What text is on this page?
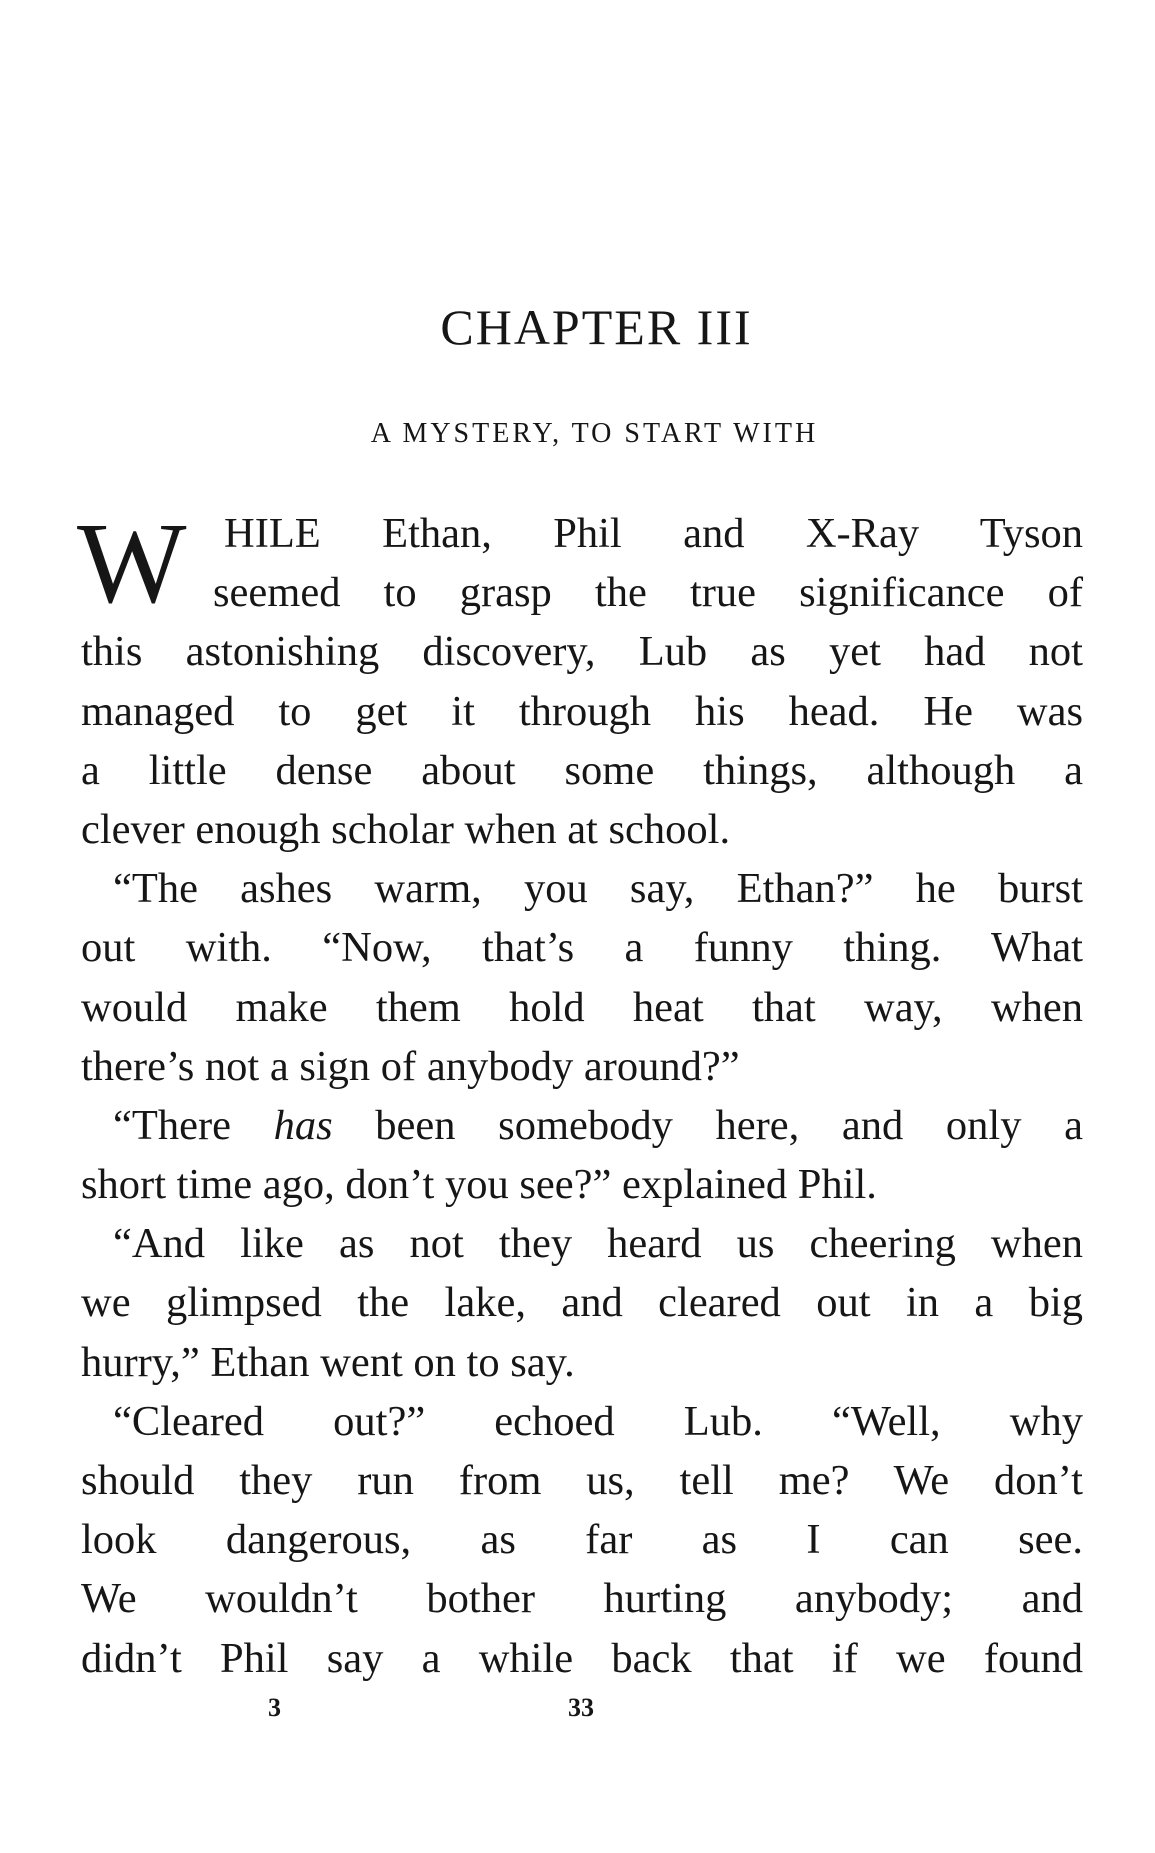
CHAPTER III
A MYSTERY, TO START WITH
W HILE Ethan, Phil and X-Ray Tyson
seemed to grasp the true significance of
this astonishing discovery, Lub as yet had not
managed to get it through his head. He was
a little dense about some things, although a
clever enough scholar when at school.
“The ashes warm, you say, Ethan?” he burst
out with. “Now, that’s a funny thing. What
would make them hold heat that way, when
there’s not a sign of anybody around?”
“There has been somebody here, and only a
short time ago, don’t you see?” explained Phil.
“And like as not they heard us cheering when
we glimpsed the lake, and cleared out in a big
hurry,” Ethan went on to say.
“Cleared out?” echoed Lub. “Well, why
should they run from us, tell me? We don’t
look dangerous, as far as I can see.
We wouldn’t bother hurting anybody; and
didn’t Phil say a while back that if we found
3	33
